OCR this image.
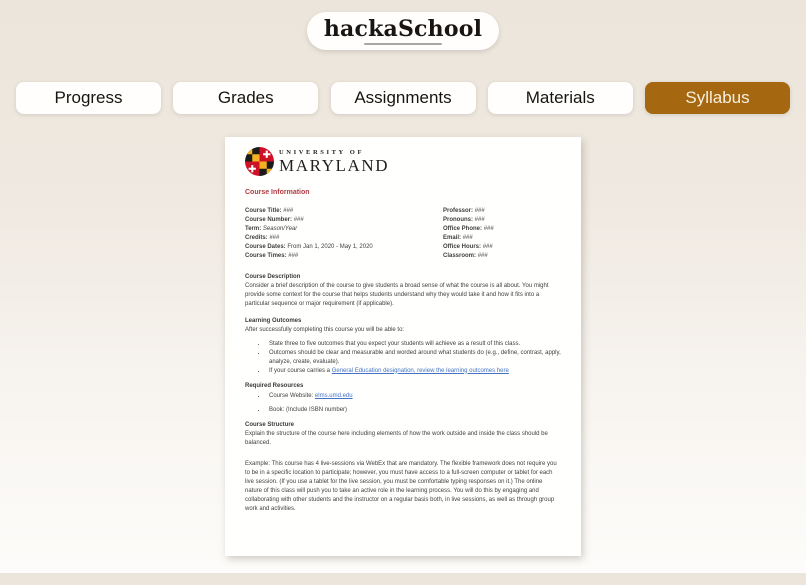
hackaSchool
Progress	Grades	Assignments	Materials	Syllabus
UNIVERSITY OF
MARYLAND
Course Information
Course Title: ###
Course Number: ###
Term: Season/Year
Credits: ###
Course Dates: From Jan 1, 2020 - May 1, 2020
Course Times: ###
Professor: ###
Pronouns: ###
Office Phone: ###
Email: ###
Office Hours: ###
Classroom: ###
Course Description
Consider a brief description of the course to give students a broad sense of what the course is all about. You might provide some context for the course that helps students understand why they would take it and how it fits into a particular sequence or major requirement (if applicable).
Learning Outcomes
After successfully completing this course you will be able to:
• State three to five outcomes that you expect your students will achieve as a result of this class.
• Outcomes should be clear and measurable and worded around what students do (e.g., define, contrast, apply, analyze, create, evaluate).
• If your course carries a General Education designation, review the learning outcomes here
Required Resources
• Course Website: elms.umd.edu
• Book: (Include ISBN number)
Course Structure
Explain the structure of the course here including elements of how the work outside and inside the class should be balanced.
Example: This course has 4 live-sessions via WebEx that are mandatory. The flexible framework does not require you to be in a specific location to participate; however, you must have access to a full-screen computer or tablet for each live session. (If you use a tablet for the live session, you must be comfortable typing responses on it.) The online nature of this class will push you to take an active role in the learning process. You will do this by engaging and collaborating with other students and the instructor on a regular basis both, in live sessions, as well as through group work and activities.
